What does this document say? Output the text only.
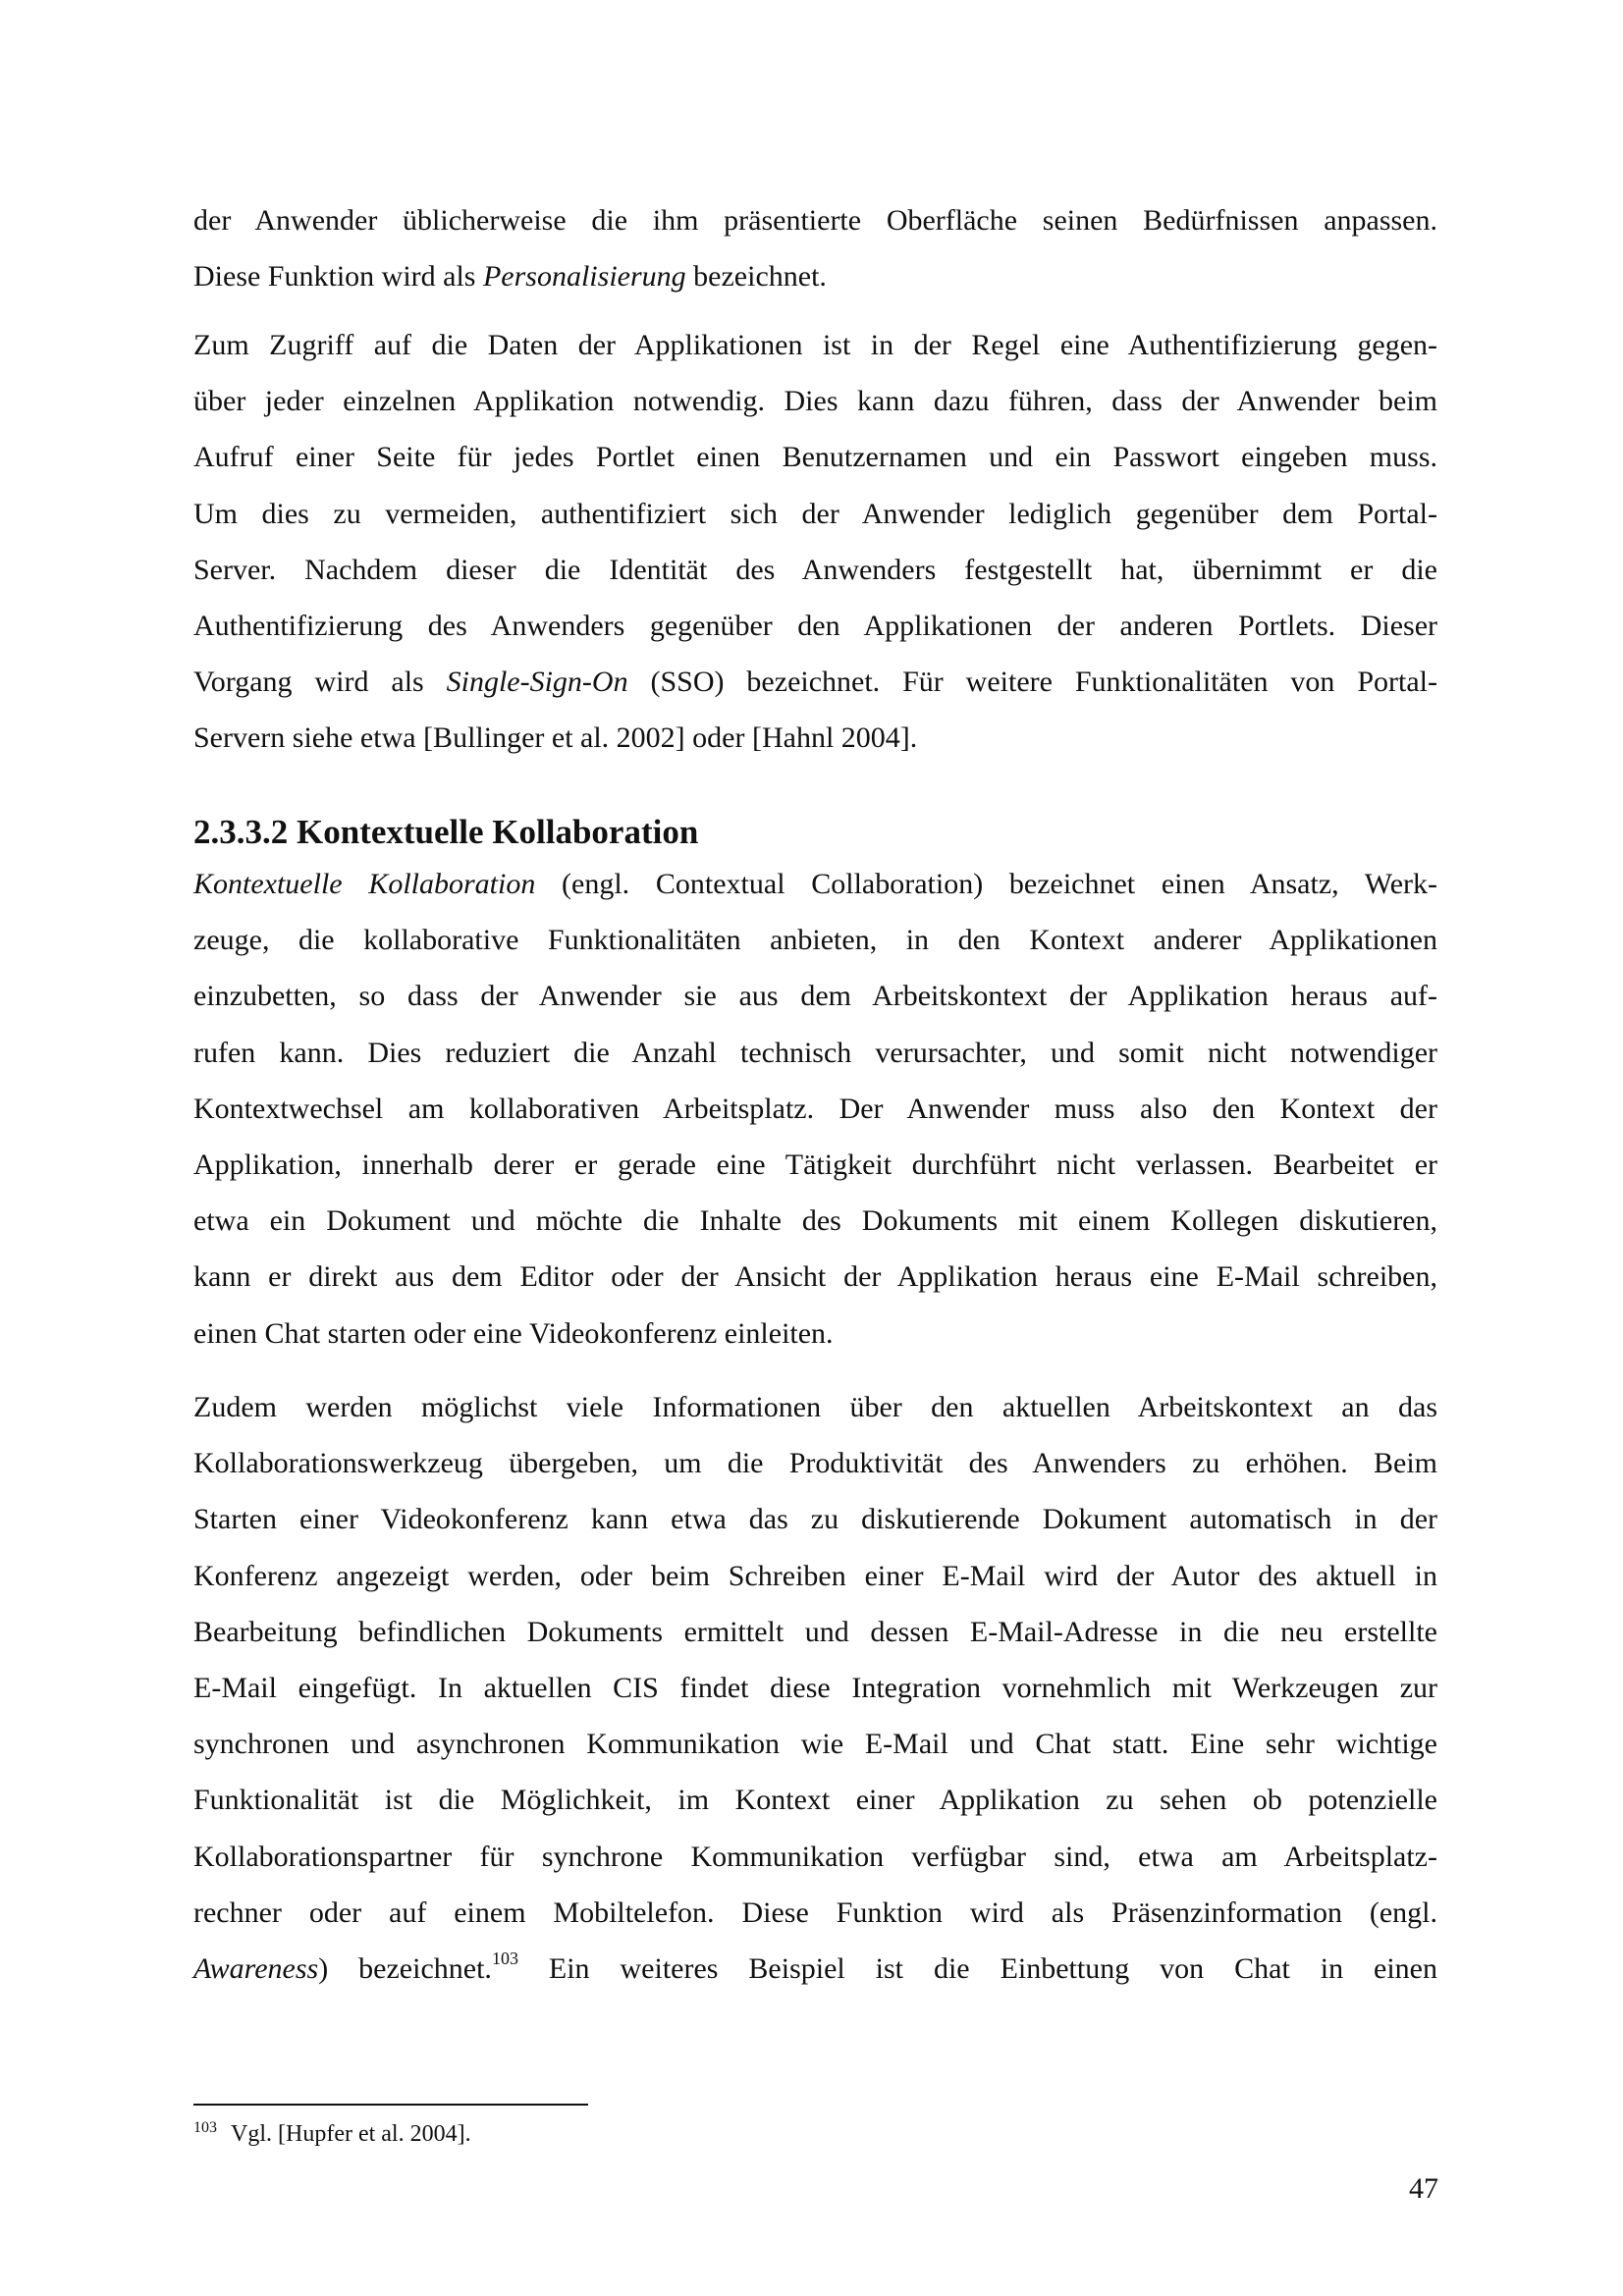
der Anwender üblicherweise die ihm präsentierte Oberfläche seinen Bedürfnissen anpassen.
Diese Funktion wird als Personalisierung bezeichnet.

Zum Zugriff auf die Daten der Applikationen ist in der Regel eine Authentifizierung gegen-
über jeder einzelnen Applikation notwendig. Dies kann dazu führen, dass der Anwender beim
Aufruf einer Seite für jedes Portlet einen Benutzernamen und ein Passwort eingeben muss.
Um dies zu vermeiden, authentifiziert sich der Anwender lediglich gegenüber dem Portal-
Server. Nachdem dieser die Identität des Anwenders festgestellt hat, übernimmt er die
Authentifizierung des Anwenders gegenüber den Applikationen der anderen Portlets. Dieser
Vorgang wird als Single-Sign-On (SSO) bezeichnet. Für weitere Funktionalitäten von Portal-
Servern siehe etwa [Bullinger et al. 2002] oder [Hahnl 2004].

2.3.3.2 Kontextuelle Kollaboration

Kontextuelle Kollaboration (engl. Contextual Collaboration) bezeichnet einen Ansatz, Werk-
zeuge, die kollaborative Funktionalitäten anbieten, in den Kontext anderer Applikationen
einzubetten, so dass der Anwender sie aus dem Arbeitskontext der Applikation heraus auf-
rufen kann. Dies reduziert die Anzahl technisch verursachter, und somit nicht notwendiger
Kontextwechsel am kollaborativen Arbeitsplatz. Der Anwender muss also den Kontext der
Applikation, innerhalb derer er gerade eine Tätigkeit durchführt nicht verlassen. Bearbeitet er
etwa ein Dokument und möchte die Inhalte des Dokuments mit einem Kollegen diskutieren,
kann er direkt aus dem Editor oder der Ansicht der Applikation heraus eine E-Mail schreiben,
einen Chat starten oder eine Videokonferenz einleiten.

Zudem werden möglichst viele Informationen über den aktuellen Arbeitskontext an das
Kollaborationswerkzeug übergeben, um die Produktivität des Anwenders zu erhöhen. Beim
Starten einer Videokonferenz kann etwa das zu diskutierende Dokument automatisch in der
Konferenz angezeigt werden, oder beim Schreiben einer E-Mail wird der Autor des aktuell in
Bearbeitung befindlichen Dokuments ermittelt und dessen E-Mail-Adresse in die neu erstellte
E-Mail eingefügt. In aktuellen CIS findet diese Integration vornehmlich mit Werkzeugen zur
synchronen und asynchronen Kommunikation wie E-Mail und Chat statt. Eine sehr wichtige
Funktionalität ist die Möglichkeit, im Kontext einer Applikation zu sehen ob potenzielle
Kollaborationspartner für synchrone Kommunikation verfügbar sind, etwa am Arbeitsplatz-
rechner oder auf einem Mobiltelefon. Diese Funktion wird als Präsenzinformation (engl.
Awareness) bezeichnet.$^{103}$ Ein weiteres Beispiel ist die Einbettung von Chat in einen

$^{103}$ Vgl. [Hupfer et al. 2004].
47
